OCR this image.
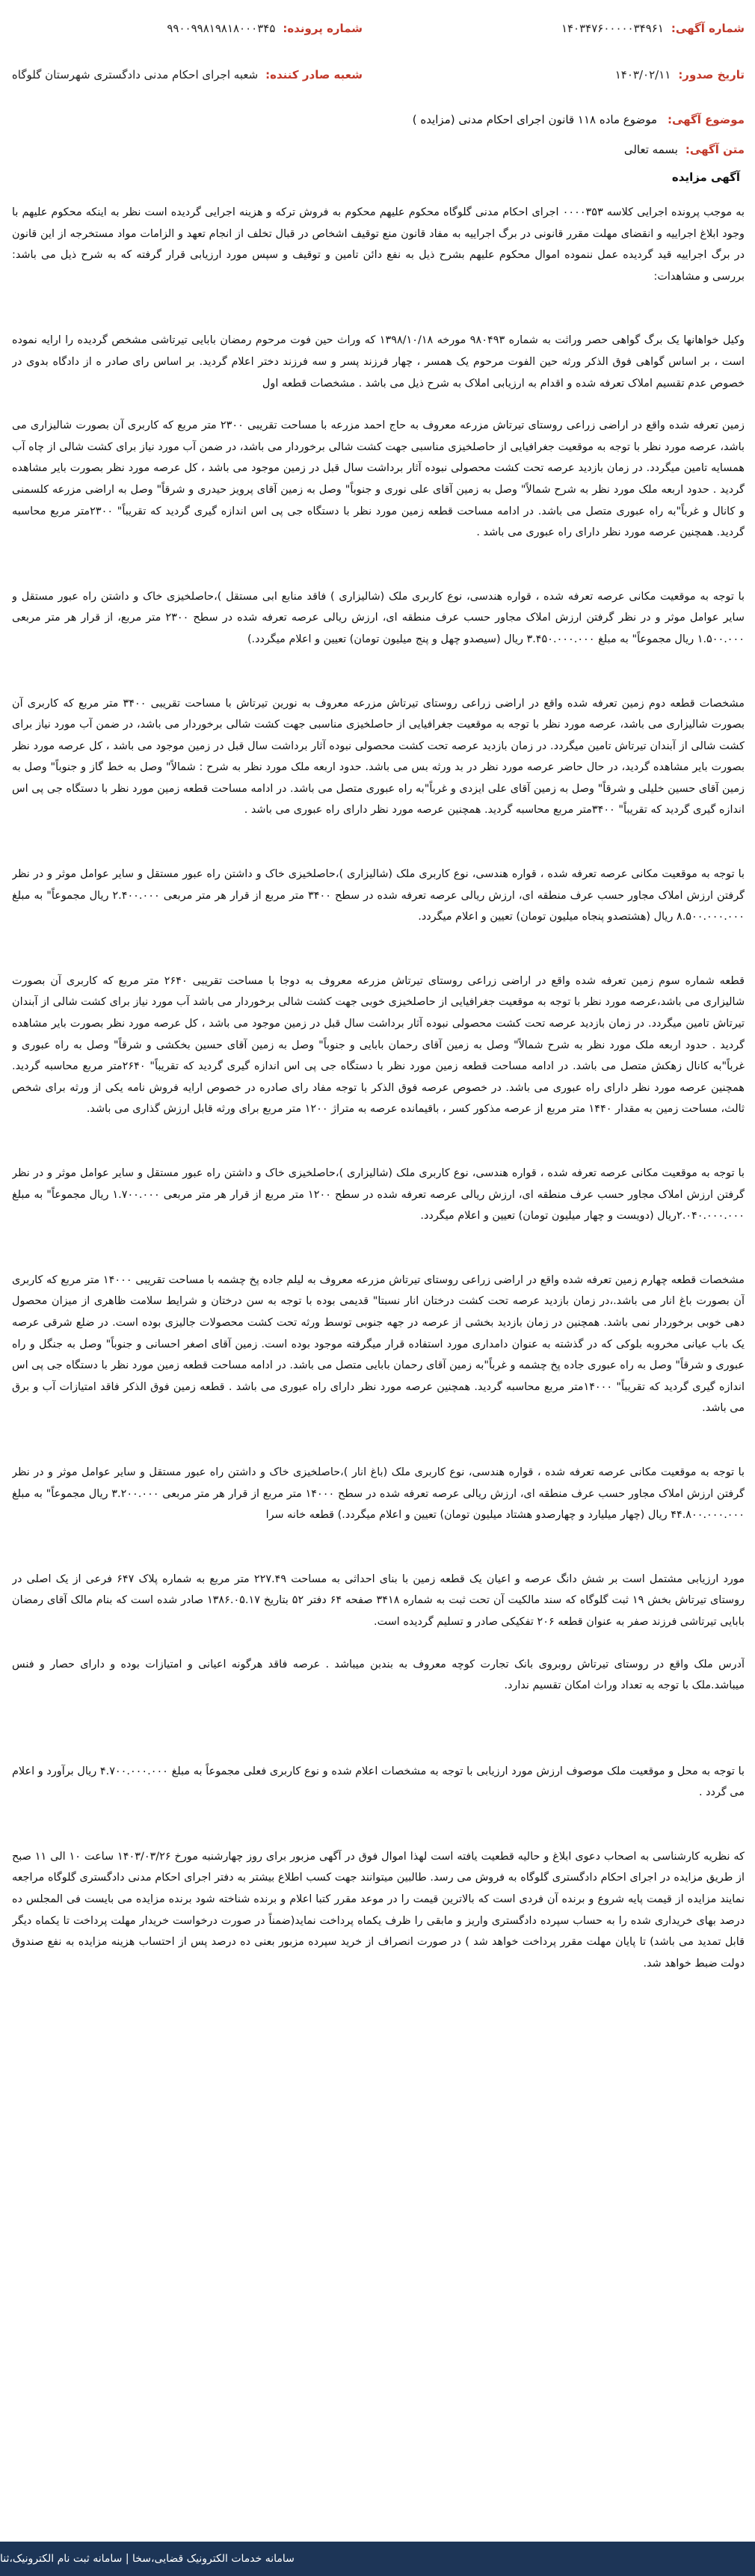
شماره آگهی:۱۴۰۳۴۷۶۰۰۰۰۰۳۴۹۶۱
شماره پرونده:۹۹۰۰۹۹۸۱۹۸۱۸۰۰۰۳۴۵
تاریخ صدور:۱۴۰۳/۰۲/۱۱
شعبه صادر کننده:شعبه اجرای احکام مدنی دادگستری شهرستان گلوگاه
موضوع آگهی:موضوع ماده ۱۱۸ قانون اجرای احکام مدنی (مزایده )
متن آگهی:بسمه تعالی
آگهی مزایده

به موجب پرونده اجرایی کلاسه ۰۰۰۰۳۵۳ اجرای احکام مدنی گلوگاه محکوم علیهم محکوم به فروش ترکه و هزینه اجرایی گردیده است نظر به اینکه محکوم علیهم با وجود ابلاغ اجراییه و انقضای مهلت مقرر قانونی در برگ اجراییه به مفاد قانون منع توقیف اشخاص در قبال تخلف از انجام تعهد و الزامات مواد مستخرجه از این قانون در برگ اجراییه قید گردیده عمل ننموده اموال محکوم علیهم بشرح ذیل به نفع دائن تامین و توقیف و سپس مورد ارزیابی قرار گرفته که به شرح ذیل می باشد: بررسی و مشاهدات:

وکیل خواهانها یک برگ گواهی حصر وراثت به شماره ۹۸۰۴۹۳ مورخه ۱۳۹۸/۱۰/۱۸ که وراث حین فوت مرحوم رمضان بابایی تیرتاشی مشخص گردیده را ارایه نموده است ، بر اساس گواهی فوق الذکر ورثه حین الفوت مرحوم یک همسر ، چهار فرزند پسر و سه فرزند دختر اعلام گردید. بر اساس رای صادر ه از دادگاه بدوی در خصوص عدم تقسیم املاک تعرفه شده و اقدام به ارزیابی املاک به شرح ذیل می باشد . مشخصات قطعه اول

زمین تعرفه شده واقع در اراضی زراعی روستای تیرتاش مزرعه معروف به حاج احمد مزرعه با مساحت تقریبی ۲۳۰۰ متر مربع که کاربری آن بصورت شالیزاری می باشد، عرصه مورد نظر با توجه به موقعیت جغرافیایی از حاصلخیزی مناسبی جهت کشت شالی برخوردار می باشد، در ضمن آب مورد نیاز برای کشت شالی از چاه آب همسایه تامین میگردد. در زمان بازدید عرصه تحت کشت محصولی نبوده آثار برداشت سال قبل در زمین موجود می باشد ، کل عرصه مورد نظر بصورت بایر مشاهده گردید . حدود اربعه ملک مورد نظر به شرح شمالاً" وصل به زمین آقای علی نوری و جنوباً" وصل به زمین آقای پرویز حیدری و شرقاً" وصل به اراضی مزرعه کلسمنی و کانال و غرباً"به راه عبوری متصل می باشد. در ادامه مساحت قطعه زمین مورد نظر با دستگاه جی پی اس اندازه گیری گردید که تقریباً" ۲۳۰۰متر مربع محاسبه گردید. همچنین عرصه مورد نظر دارای راه عبوری می باشد .

با توجه به موقعیت مکانی عرصه تعرفه شده ، قواره هندسی، نوع کاربری ملک (شالیزاری ) فاقد منابع ابی مستقل )،حاصلخیزی خاک و داشتن راه عبور مستقل و سایر عوامل موثر و در نظر گرفتن ارزش املاک مجاور حسب عرف منطقه ای، ارزش ریالی عرصه تعرفه شده در سطح ۲۳۰۰ متر مربع، از قرار هر متر مربعی ۱.۵۰۰.۰۰۰ ریال مجموعاً" به مبلغ ۳.۴۵۰.۰۰۰.۰۰۰ ریال (سیصدو چهل و پنج میلیون تومان) تعیین و اعلام میگردد.)

مشخصات قطعه دوم زمین تعرفه شده واقع در اراضی زراعی روستای تیرتاش مزرعه معروف به نورین تیرتاش با مساحت تقریبی ۳۴۰۰ متر مربع که کاربری آن بصورت شالیزاری می باشد، عرصه مورد نظر با توجه به موقعیت جغرافیایی از حاصلخیزی مناسبی جهت کشت شالی برخوردار می باشد، در ضمن آب مورد نیاز برای کشت شالی از آبندان تیرتاش تامین میگردد. در زمان بازدید عرصه تحت کشت محصولی نبوده آثار برداشت سال قبل در زمین موجود می باشد ، کل عرصه مورد نظر بصورت بایر مشاهده گردید، در حال حاضر عرصه مورد نظر در بد ورثه بس می باشد. حدود اربعه ملک مورد نظر به شرح : شمالاً" وصل به خط گاز و جنوباً" وصل به زمین آقای حسین خلیلی و شرقاً" وصل به زمین آقای علی ایزدی و غرباً"به راه عبوری متصل می باشد. در ادامه مساحت قطعه زمین مورد نظر با دستگاه جی پی اس اندازه گیری گردید که تقریباً" ۳۴۰۰متر مربع محاسبه گردید. همچنین عرصه مورد نظر دارای راه عبوری می باشد .

با توجه به موقعیت مکانی عرصه تعرفه شده ، قواره هندسی، نوع کاربری ملک (شالیزاری )،حاصلخیزی خاک و داشتن راه عبور مستقل و سایر عوامل موثر و در نظر گرفتن ارزش املاک مجاور حسب عرف منطقه ای، ارزش ریالی عرصه تعرفه شده در سطح ۳۴۰۰ متر مربع از قرار هر متر مربعی ۲.۴۰۰.۰۰۰ ریال مجموعاً" به مبلغ ۸.۵۰۰.۰۰۰.۰۰۰ ریال (هشتصدو پنجاه میلیون تومان) تعیین و اعلام میگردد.

قطعه شماره سوم زمین تعرفه شده واقع در اراضی زراعی روستای تیرتاش مزرعه معروف به دوجا با مساحت تقریبی ۲۶۴۰ متر مربع که کاربری آن بصورت شالیزاری می باشد،عرصه مورد نظر با توجه به موقعیت جغرافیایی از حاصلخیزی خوبی جهت کشت شالی برخوردار می باشد آب مورد نیاز برای کشت شالی از آبندان تیرتاش تامین میگردد. در زمان بازدید عرصه تحت کشت محصولی نبوده آثار برداشت سال قبل در زمین موجود می باشد ، کل عرصه مورد نظر بصورت بایر مشاهده گردید . حدود اربعه ملک مورد نظر به شرح شمالاً" وصل به زمین آقای رحمان بابایی و جنوباً" وصل به زمین آقای حسین بخکشی و شرقاً" وصل به راه عبوری و غرباً"به کانال زهکش متصل می باشد. در ادامه مساحت قطعه زمین مورد نظر با دستگاه جی پی اس اندازه گیری گردید که تقریباً" ۲۶۴۰متر مربع محاسبه گردید. همچنین عرصه مورد نظر دارای راه عبوری می باشد. در خصوص عرصه فوق الذکر با توجه مفاد رای صادره در خصوص ارایه فروش نامه یکی از ورثه برای شخص ثالث، مساحت زمین به مقدار ۱۴۴۰ متر مربع از عرصه مذکور کسر ، باقیمانده عرصه به متراژ ۱۲۰۰ متر مربع برای ورثه قابل ارزش گذاری می باشد.

با توجه به موقعیت مکانی عرصه تعرفه شده ، قواره هندسی، نوع کاربری ملک (شالیزاری )،حاصلخیزی خاک و داشتن راه عبور مستقل و سایر عوامل موثر و در نظر گرفتن ارزش املاک مجاور حسب عرف منطقه ای، ارزش ریالی عرصه تعرفه شده در سطح ۱۲۰۰ متر مربع از قرار هر متر مربعی ۱.۷۰۰.۰۰۰ ریال مجموعاً" به مبلغ ۲.۰۴۰.۰۰۰.۰۰۰ریال (دویست و چهار میلیون تومان) تعیین و اعلام میگردد.

مشخصات قطعه چهارم زمین تعرفه شده واقع در اراضی زراعی روستای تیرتاش مزرعه معروف به لیلم جاده پخ چشمه با مساحت تقریبی ۱۴۰۰۰ متر مربع که کاربری آن بصورت باغ انار می باشد.،در زمان بازدید عرصه تحت کشت درختان انار نسبتا" قدیمی بوده با توجه به سن درختان و شرایط سلامت ظاهری از میزان محصول دهی خوبی برخوردار نمی باشد. همچنین در زمان بازدید بخشی از عرصه در جهه جنوبی توسط ورثه تحت کشت محصولات جالیزی بوده است. در ضلع شرقی عرصه یک باب عیانی مخروبه بلوکی که در گذشته به عنوان دامداری مورد استفاده قرار میگرفته موجود بوده است. زمین آقای اصغر احسانی و جنوباً" وصل به جنگل و راه عبوری و شرقاً" وصل به راه عبوری جاده پخ چشمه و غرباً"به زمین آقای رحمان بابایی متصل می باشد. در ادامه مساحت قطعه زمین مورد نظر با دستگاه جی پی اس اندازه گیری گردید که تقریباً" ۱۴۰۰۰متر مربع محاسبه گردید. همچنین عرصه مورد نظر دارای راه عبوری می باشد . قطعه زمین فوق الذکر فاقد امتیازات آب و برق می باشد.

با توجه به موقعیت مکانی عرصه تعرفه شده ، قواره هندسی، نوع کاربری ملک (باغ انار )،حاصلخیزی خاک و داشتن راه عبور مستقل و سایر عوامل موثر و در نظر گرفتن ارزش املاک مجاور حسب عرف منطقه ای، ارزش ریالی عرصه تعرفه شده در سطح ۱۴۰۰۰ متر مربع از قرار هر متر مربعی ۳.۲۰۰.۰۰۰ ریال مجموعاً" به مبلغ ۴۴.۸۰۰.۰۰۰.۰۰۰ ریال (چهار میلیارد و چهارصدو هشتاد میلیون تومان) تعیین و اعلام میگردد.) قطعه خانه سرا

مورد ارزیابی مشتمل است بر شش دانگ عرصه و اعیان یک قطعه زمین با بنای احداثی به مساحت ۲۲۷.۴۹ متر مربع به شماره پلاک ۶۴۷ فرعی از یک اصلی در روستای تیرتاش بخش ۱۹ ثبت گلوگاه که سند مالکیت آن تحت ثبت به شماره ۳۴۱۸ صفحه ۶۴ دفتر ۵۲ بتاریخ ۱۳۸۶.۰۵.۱۷ صادر شده است که بنام مالک آقای رمضان بابایی تیرتاشی فرزند صفر به عنوان قطعه ۲۰۶ تفکیکی صادر و تسلیم گردیده است.

آدرس ملک واقع در روستای تیرتاش روبروی بانک تجارت کوچه معروف به بندبن میباشد . عرصه فاقد هرگونه اعیانی و امتیازات بوده و دارای حصار و فنس میباشد.ملک با توجه به تعداد وراث امکان تقسیم ندارد.

با توجه به محل و موقعیت ملک موصوف ارزش مورد ارزیابی با توجه به مشخصات اعلام شده و نوع کاربری فعلی مجموعاً به مبلغ ۴.۷۰۰.۰۰۰.۰۰۰ ریال برآورد و اعلام می گردد .

که نظریه کارشناسی به اصحاب دعوی ابلاغ و حالیه قطعیت یافته است لهذا اموال فوق در آگهی مزبور برای روز چهارشنبه مورخ ۱۴۰۳/۰۳/۲۶ ساعت ۱۰ الی ۱۱ صبح از طریق مزایده در اجرای احکام دادگستری گلوگاه به فروش می رسد. طالبین میتوانند جهت کسب اطلاع بیشتر به دفتر اجرای احکام مدنی دادگستری گلوگاه مراجعه نمایند مزایده از قیمت پایه شروع و برنده آن فردی است که بالاترین قیمت را در موعد مقرر کتبا اعلام و برنده شناخته شود برنده مزایده می بایست فی المجلس ده درصد بهای خریداری شده را به حساب سپرده دادگستری واریز و مابقی را ظرف یکماه پرداخت نماید(ضمناً در صورت درخواست خریدار مهلت پرداخت تا یکماه دیگر قابل تمدید می باشد) تا پایان مهلت مقرر پرداخت خواهد شد ) در صورت انصراف از خرید سپرده مزبور بعنی ده درصد پس از احتساب هزینه مزایده به نفع صندوق دولت ضبط خواهد شد.

سامانه خدمات الکترونیک قضایی،سخا | سامانه ثبت نام الکترونیک،ثنا
